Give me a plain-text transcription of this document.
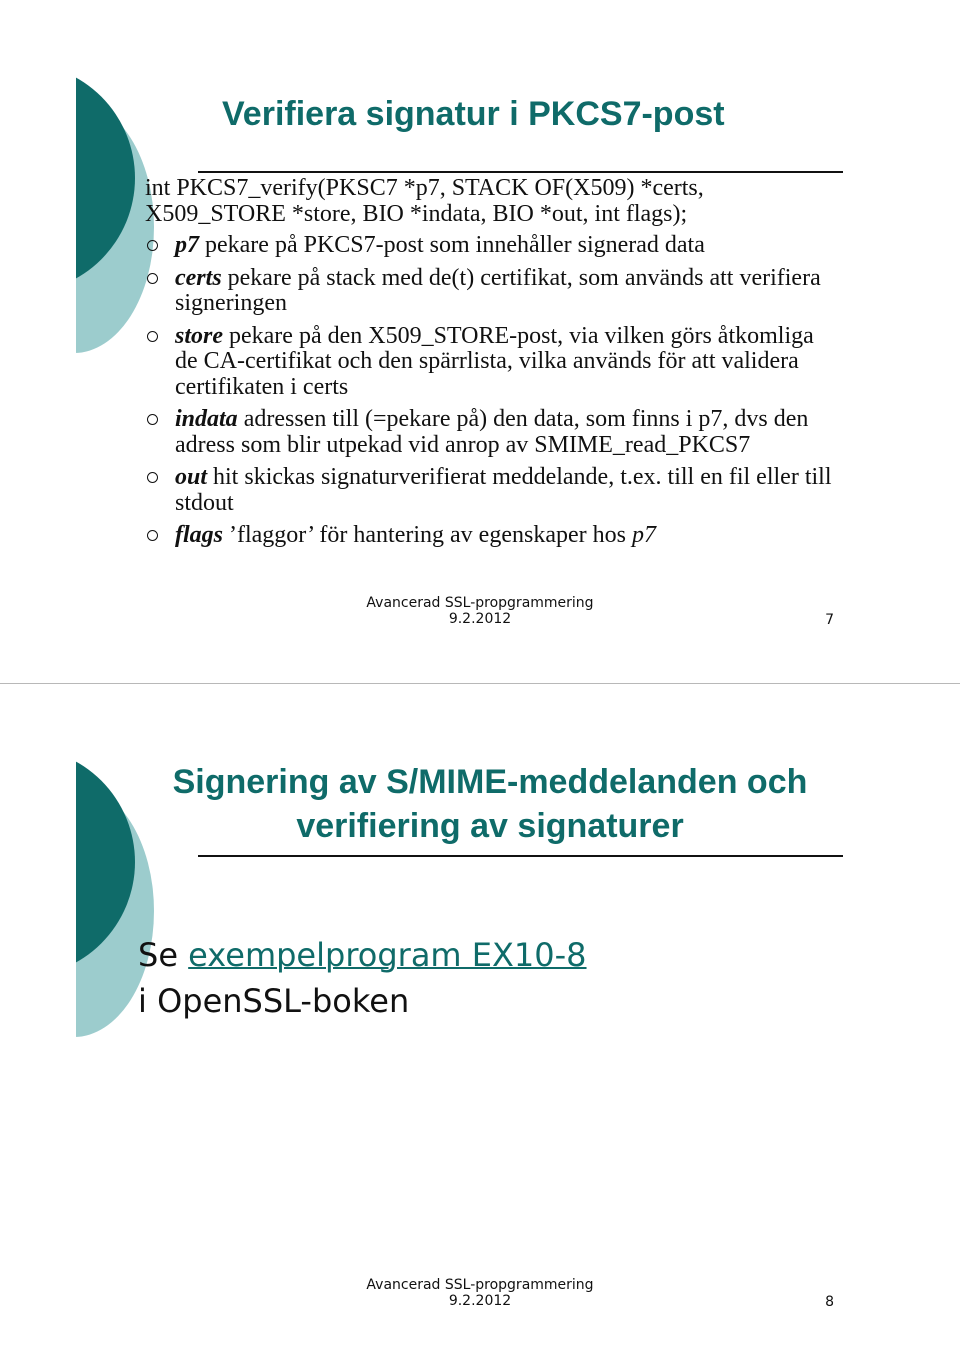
Verifiera signatur i PKCS7-post

int PKCS7_verify(PKSC7 *p7, STACK OF(X509) *certs,
X509_STORE *store, BIO *indata, BIO *out, int flags);

p7 pekare på PKCS7-post som innehåller signerad data
certs pekare på stack med de(t) certifikat, som används att verifiera signeringen
store pekare på den X509_STORE-post, via vilken görs åtkomliga de CA-certifikat och den spärrlista, vilka används för att validera certifikaten i certs
indata adressen till (=pekare på) den data, som finns i p7, dvs den adress som blir utpekad vid anrop av SMIME_read_PKCS7
out hit skickas signaturverifierat meddelande, t.ex. till en fil eller till stdout
flags ’flaggor’ för hantering av egenskaper hos p7
Avancerad SSL-propgrammering
9.2.2012	7
Signering av S/MIME-meddelanden och verifiering av signaturer
Se exempelprogram EX10-8
i OpenSSL-boken
Avancerad SSL-propgrammering
9.2.2012	8
